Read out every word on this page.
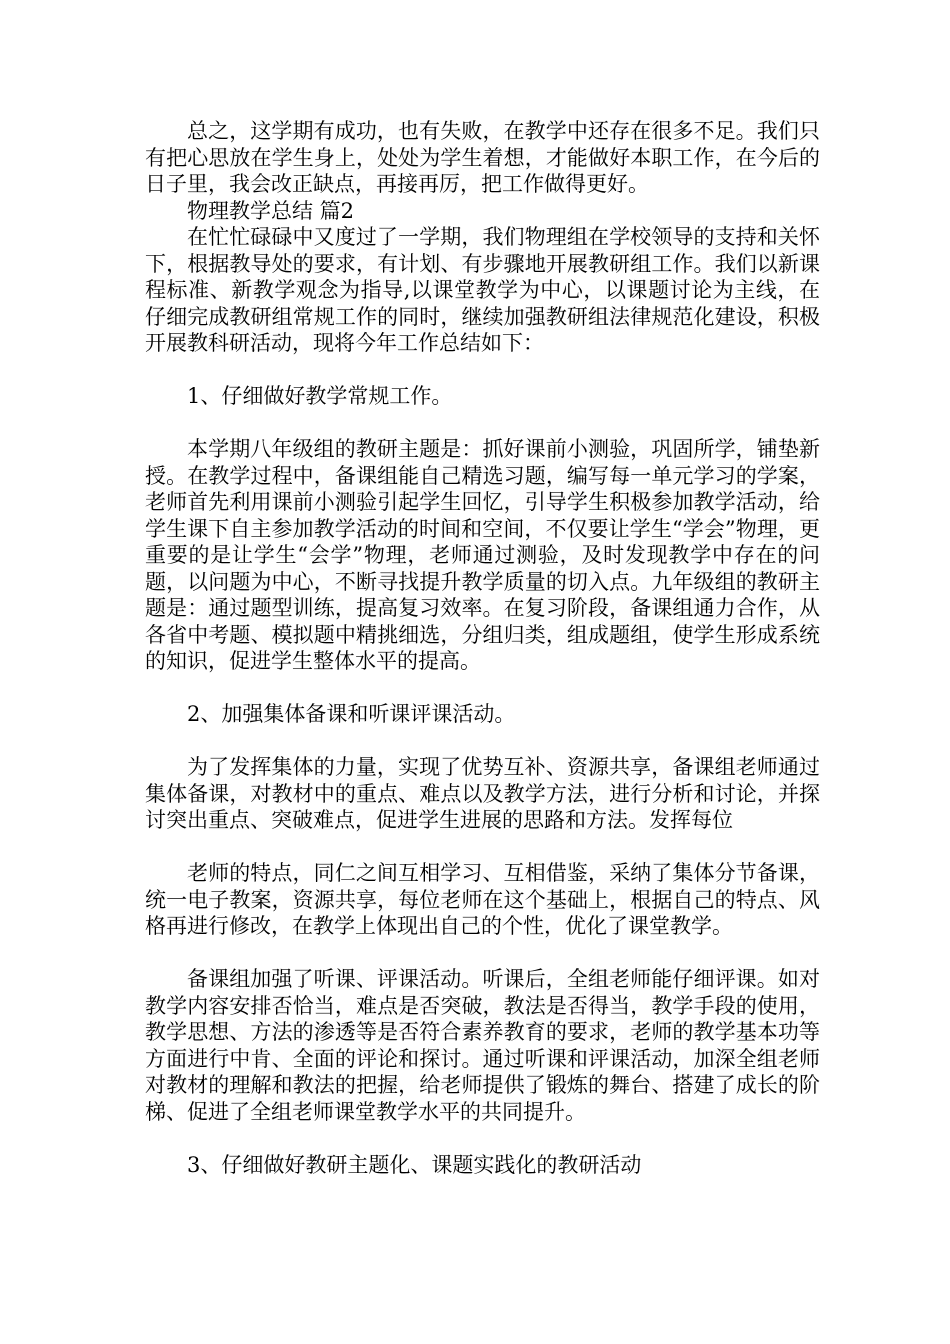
总之，这学期有成功，也有失败，在教学中还存在很多不足。我们只有把心思放在学生身上，处处为学生着想，才能做好本职工作，在今后的日子里，我会改正缺点，再接再厉，把工作做得更好。

物理教学总结 篇2

在忙忙碌碌中又度过了一学期，我们物理组在学校领导的支持和关怀下，根据教导处的要求，有计划、有步骤地开展教研组工作。我们以新课程标准、新教学观念为指导,以课堂教学为中心，以课题讨论为主线，在仔细完成教研组常规工作的同时，继续加强教研组法律规范化建设，积极开展教科研活动，现将今年工作总结如下：

1、仔细做好教学常规工作。

本学期八年级组的教研主题是：抓好课前小测验，巩固所学，铺垫新授。在教学过程中，备课组能自己精选习题，编写每一单元学习的学案，老师首先利用课前小测验引起学生回忆，引导学生积极参加教学活动，给学生课下自主参加教学活动的时间和空间，不仅要让学生“学会”物理，更重要的是让学生“会学”物理，老师通过测验，及时发现教学中存在的问题，以问题为中心，不断寻找提升教学质量的切入点。九年级组的教研主题是：通过题型训练，提高复习效率。在复习阶段，备课组通力合作，从各省中考题、模拟题中精挑细选，分组归类，组成题组，使学生形成系统的知识，促进学生整体水平的提高。

2、加强集体备课和听课评课活动。

为了发挥集体的力量，实现了优势互补、资源共享，备课组老师通过集体备课，对教材中的重点、难点以及教学方法，进行分析和讨论，并探讨突出重点、突破难点，促进学生进展的思路和方法。发挥每位

老师的特点，同仁之间互相学习、互相借鉴，采纳了集体分节备课，统一电子教案，资源共享，每位老师在这个基础上，根据自己的特点、风格再进行修改，在教学上体现出自己的个性，优化了课堂教学。

备课组加强了听课、评课活动。听课后，全组老师能仔细评课。如对教学内容安排否恰当，难点是否突破，教法是否得当，教学手段的使用，教学思想、方法的渗透等是否符合素养教育的要求，老师的教学基本功等方面进行中肯、全面的评论和探讨。通过听课和评课活动，加深全组老师对教材的理解和教法的把握，给老师提供了锻炼的舞台、搭建了成长的阶梯、促进了全组老师课堂教学水平的共同提升。

3、仔细做好教研主题化、课题实践化的教研活动
